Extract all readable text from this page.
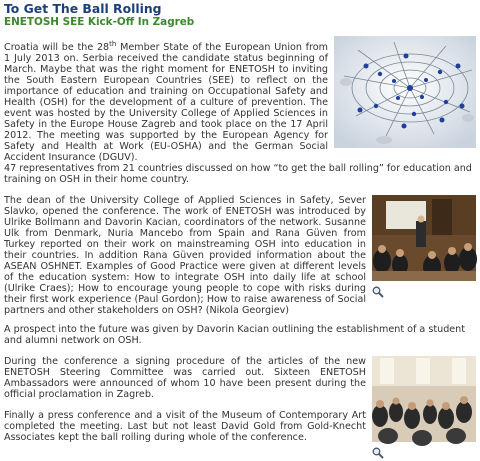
To Get The Ball Rolling
ENETOSH SEE Kick-Off In Zagreb

Croatia will be the 28th Member State of the European Union from 1 July 2013 on. Serbia received the candidate status beginning of March. Maybe that was the right moment for ENETOSH to inviting the South Eastern European Countries (SEE) to reflect on the importance of education and training on Occupational Safety and Health (OSH) for the development of a culture of prevention. The event was hosted by the University College of Applied Sciences in Safety in the Europe House Zagreb and took place on the 17 April 2012. The meeting was supported by the European Agency for Safety and Health at Work (EU-OSHA) and the German Social Accident Insurance (DGUV).

47 representatives from 21 countries discussed on how “to get the ball rolling” for education and training on OSH in their home country.

The dean of the University College of Applied Sciences in Safety, Sever Slavko, opened the conference. The work of ENETOSH was introduced by Ulrike Bollmann and Davorin Kacian, coordinators of the network. Susanne Ulk from Denmark, Nuria Mancebo from Spain and Rana Güven from Turkey reported on their work on mainstreaming OSH into education in their countries. In addition Rana Güven provided information about the ASEAN OSHNET. Examples of Good Practice were given at different levels of the education system: How to integrate OSH into daily life at school (Ulrike Craes); How to encourage young people to cope with risks during their first work experience (Paul Gordon); How to raise awareness of Social partners and other stakeholders on OSH? (Nikola Georgiev)

A prospect into the future was given by Davorin Kacian outlining the establishment of a student and alumni network on OSH.

During the conference a signing procedure of the articles of the new ENETOSH Steering Committee was carried out. Sixteen ENETOSH Ambassadors were announced of whom 10 have been present during the official proclamation in Zagreb.

Finally a press conference and a visit of the Museum of Contemporary Art completed the meeting. Last but not least David Gold from Gold-Knecht Associates kept the ball rolling during whole of the conference.
